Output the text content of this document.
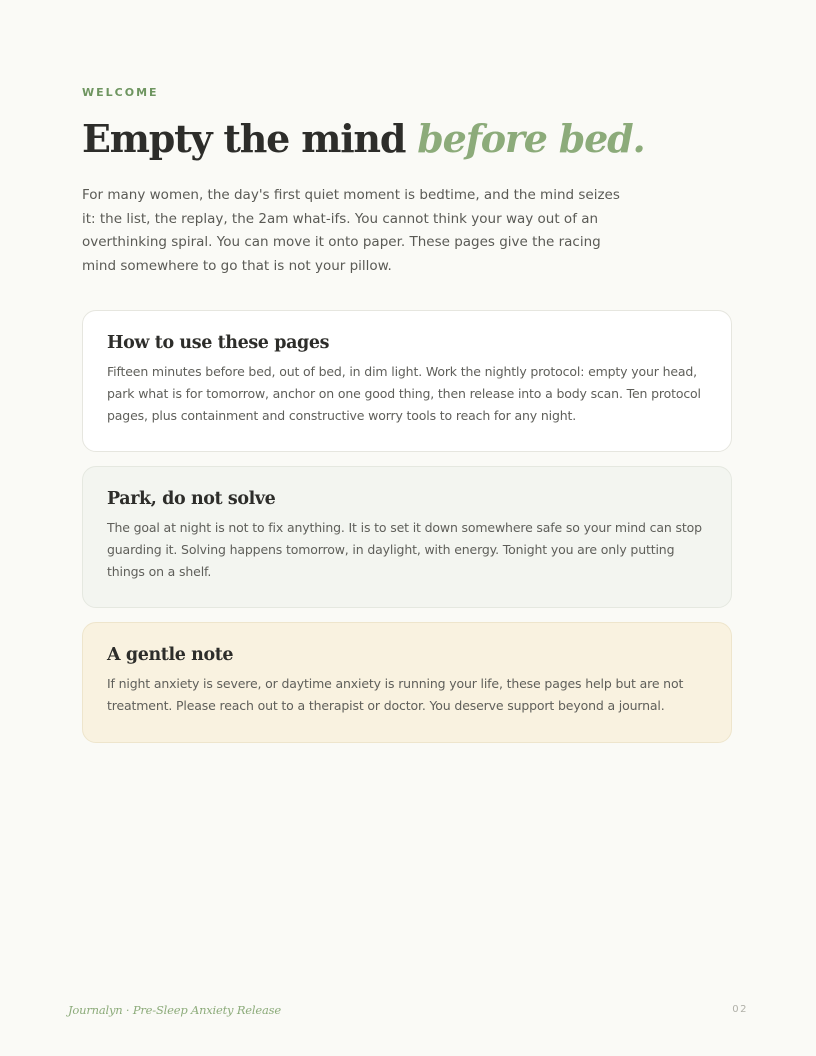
WELCOME
Empty the mind before bed.

For many women, the day's first quiet moment is bedtime, and the mind seizes it: the list, the replay, the 2am what-ifs. You cannot think your way out of an overthinking spiral. You can move it onto paper. These pages give the racing mind somewhere to go that is not your pillow.

How to use these pages

Fifteen minutes before bed, out of bed, in dim light. Work the nightly protocol: empty your head, park what is for tomorrow, anchor on one good thing, then release into a body scan. Ten protocol pages, plus containment and constructive worry tools to reach for any night.

Park, do not solve

The goal at night is not to fix anything. It is to set it down somewhere safe so your mind can stop guarding it. Solving happens tomorrow, in daylight, with energy. Tonight you are only putting things on a shelf.

A gentle note

If night anxiety is severe, or daytime anxiety is running your life, these pages help but are not treatment. Please reach out to a therapist or doctor. You deserve support beyond a journal.

Journalyn · Pre-Sleep Anxiety Release	02
